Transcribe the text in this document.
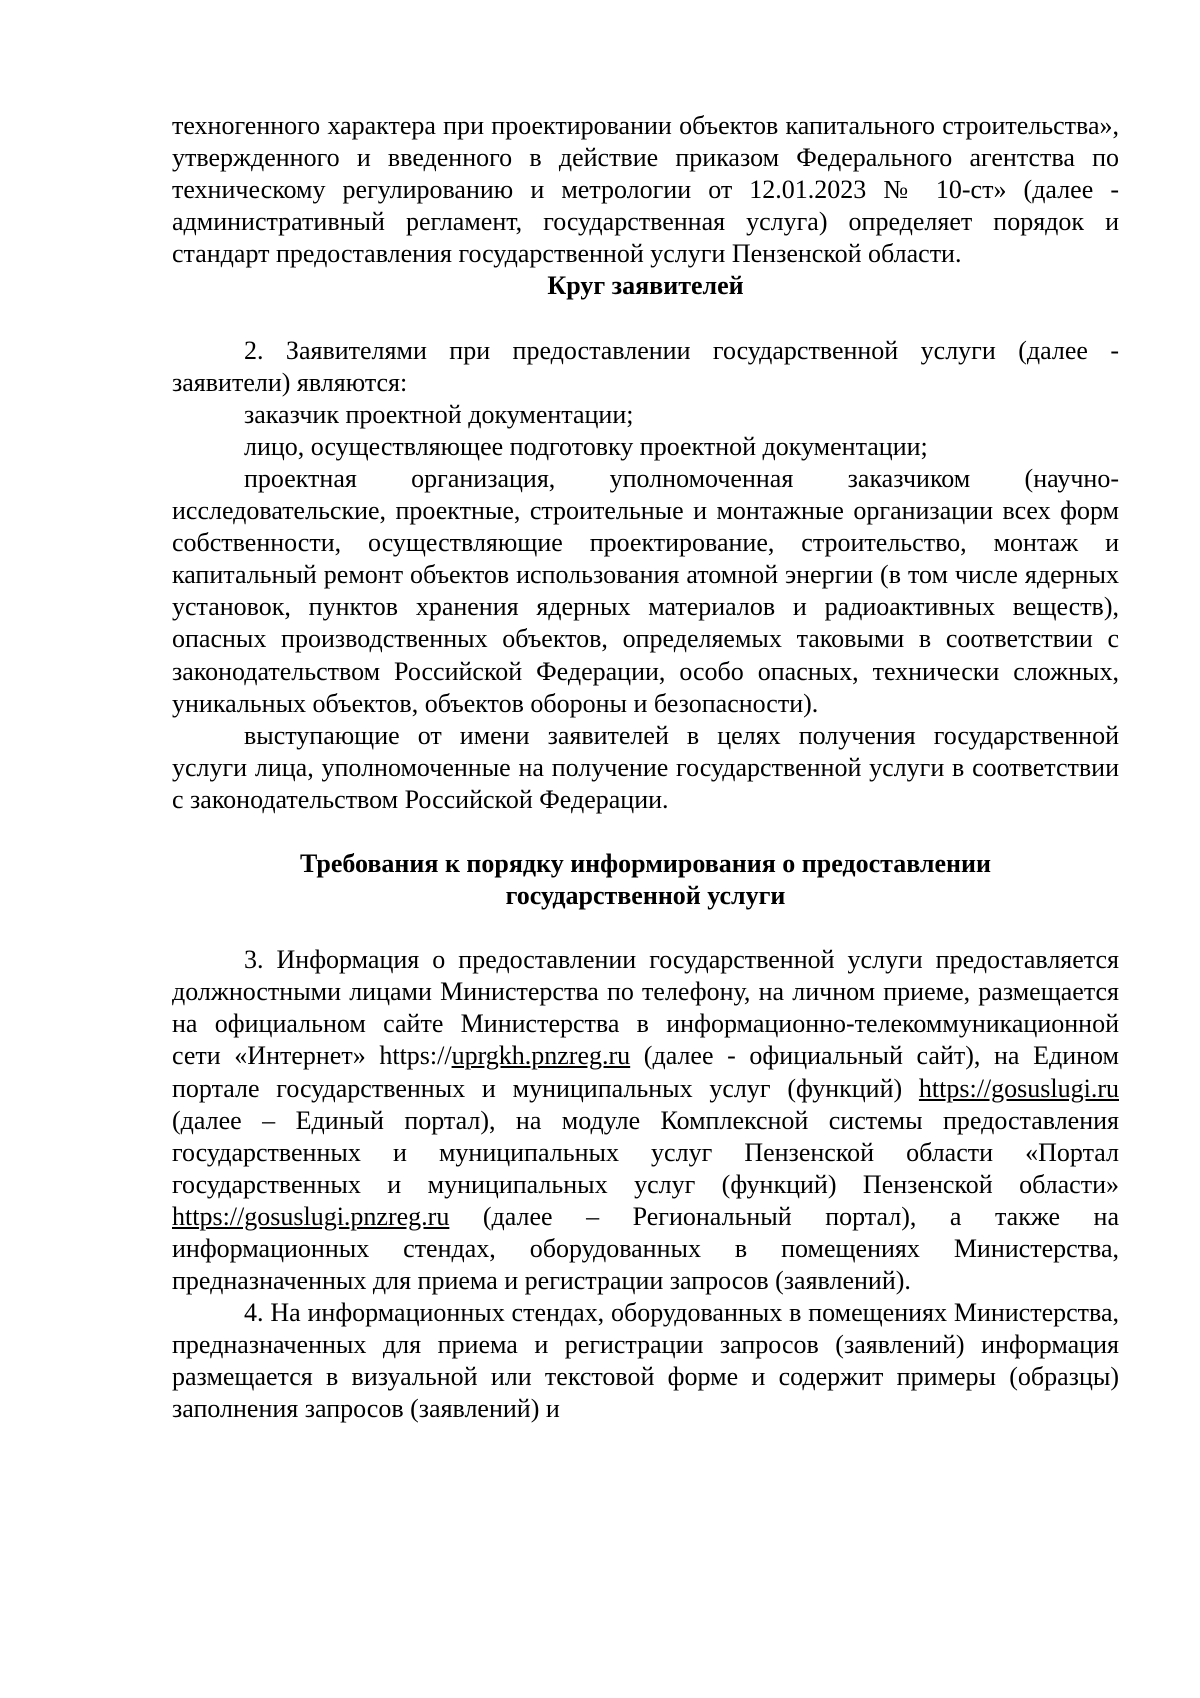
техногенного характера при проектировании объектов капитального строительства», утвержденного и введенного в действие приказом Федерального агентства по техническому регулированию и метрологии от 12.01.2023 № 10-ст» (далее - административный регламент, государственная услуга) определяет порядок и стандарт предоставления государственной услуги Пензенской области.

Круг заявителей

2. Заявителями при предоставлении государственной услуги (далее - заявители) являются:

заказчик проектной документации;

лицо, осуществляющее подготовку проектной документации;

проектная организация, уполномоченная заказчиком (научно-исследовательские, проектные, строительные и монтажные организации всех форм собственности, осуществляющие проектирование, строительство, монтаж и капитальный ремонт объектов использования атомной энергии (в том числе ядерных установок, пунктов хранения ядерных материалов и радиоактивных веществ), опасных производственных объектов, определяемых таковыми в соответствии с законодательством Российской Федерации, особо опасных, технически сложных, уникальных объектов, объектов обороны и безопасности).

выступающие от имени заявителей в целях получения государственной услуги лица, уполномоченные на получение государственной услуги в соответствии с законодательством Российской Федерации.

Требования к порядку информирования о предоставлении

государственной услуги

3. Информация о предоставлении государственной услуги предоставляется должностными лицами Министерства по телефону, на личном приеме, размещается на официальном сайте Министерства в информационно-телекоммуникационной сети «Интернет» https://uprgkh.pnzreg.ru (далее - официальный сайт), на Едином портале государственных и муниципальных услуг (функций) https://gosuslugi.ru (далее – Единый портал), на модуле Комплексной системы предоставления государственных и муниципальных услуг Пензенской области «Портал государственных и муниципальных услуг (функций) Пензенской области» https://gosuslugi.pnzreg.ru (далее – Региональный портал), а также на информационных стендах, оборудованных в помещениях Министерства, предназначенных для приема и регистрации запросов (заявлений).

4. На информационных стендах, оборудованных в помещениях Министерства, предназначенных для приема и регистрации запросов (заявлений) информация размещается в визуальной или текстовой форме и содержит примеры (образцы) заполнения запросов (заявлений) и
